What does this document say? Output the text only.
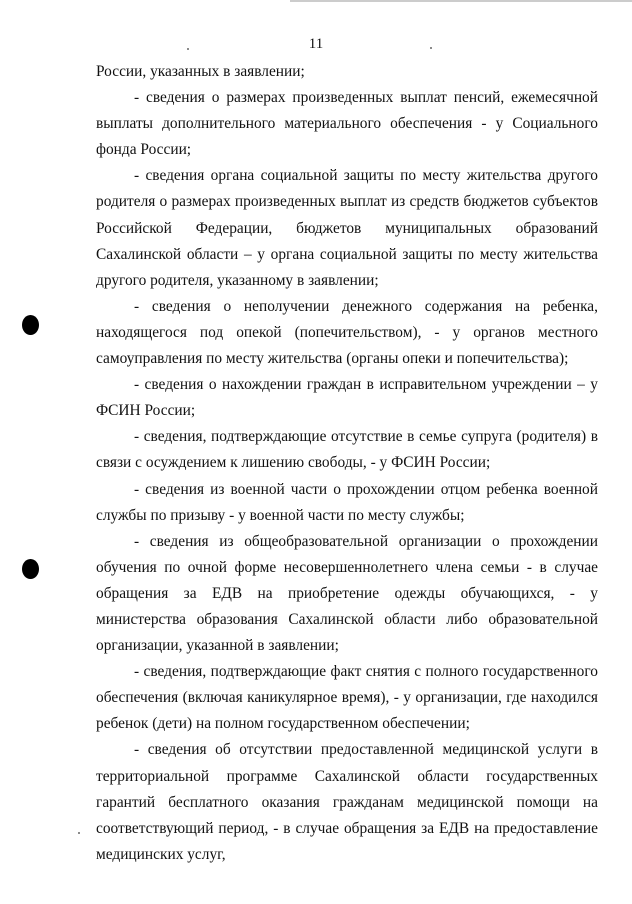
11

России, указанных в заявлении;

- сведения о размерах произведенных выплат пенсий, ежемесячной выплаты дополнительного материального обеспечения - у Социального фонда России;

- сведения органа социальной защиты по месту жительства другого родителя о размерах произведенных выплат из средств бюджетов субъектов Российской Федерации, бюджетов муниципальных образований Сахалинской области – у органа социальной защиты по месту жительства другого родителя, указанному в заявлении;

- сведения о неполучении денежного содержания на ребенка, находящегося под опекой (попечительством), - у органов местного самоуправления по месту жительства (органы опеки и попечительства);

- сведения о нахождении граждан в исправительном учреждении – у ФСИН России;

- сведения, подтверждающие отсутствие в семье супруга (родителя) в связи с осуждением к лишению свободы, - у ФСИН России;

- сведения из военной части о прохождении отцом ребенка военной службы по призыву - у военной части по месту службы;

- сведения из общеобразовательной организации о прохождении обучения по очной форме несовершеннолетнего члена семьи - в случае обращения за ЕДВ на приобретение одежды обучающихся, - у министерства образования Сахалинской области либо образовательной организации, указанной в заявлении;

- сведения, подтверждающие факт снятия с полного государственного обеспечения (включая каникулярное время), - у организации, где находился ребенок (дети) на полном государственном обеспечении;

- сведения об отсутствии предоставленной медицинской услуги в территориальной программе Сахалинской области государственных гарантий бесплатного оказания гражданам медицинской помощи на соответствующий период, - в случае обращения за ЕДВ на предоставление медицинских услуг,
